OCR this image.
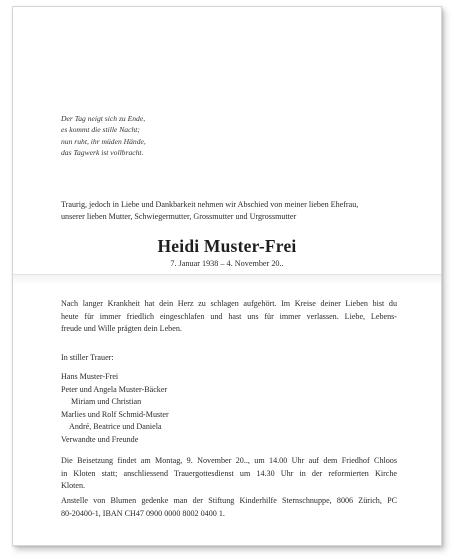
Der Tag neigt sich zu Ende,
es kommt die stille Nacht;
nun ruht, ihr müden Hände,
das Tagwerk ist vollbracht.
Traurig, jedoch in Liebe und Dankbarkeit nehmen wir Abschied von meiner lieben Ehefrau,
unserer lieben Mutter, Schwiegermutter, Grossmutter und Urgrossmutter
Heidi Muster-Frei
7. Januar 1938 – 4. November 20..
Nach langer Krankheit hat dein Herz zu schlagen aufgehört. Im Kreise deiner Lieben bist du
heute für immer friedlich eingeschlafen und hast uns für immer verlassen. Liebe, Lebens-
freude und Wille prägten dein Leben.
In stiller Trauer:
Hans Muster-Frei
Peter und Angela Muster-Bäcker
Miriam und Christian
Marlies und Rolf Schmid-Muster
André, Beatrice und Daniela
Verwandte und Freunde
Die Beisetzung findet am Montag, 9. November 20.., um 14.00 Uhr auf dem Friedhof Chloos
in Kloten statt; anschliessend Trauergottesdienst um 14.30 Uhr in der reformierten Kirche
Kloten.
Anstelle von Blumen gedenke man der Stiftung Kinderhilfe Sternschnuppe, 8006 Zürich, PC
80-20400-1, IBAN CH47 0900 0000 8002 0400 1.
